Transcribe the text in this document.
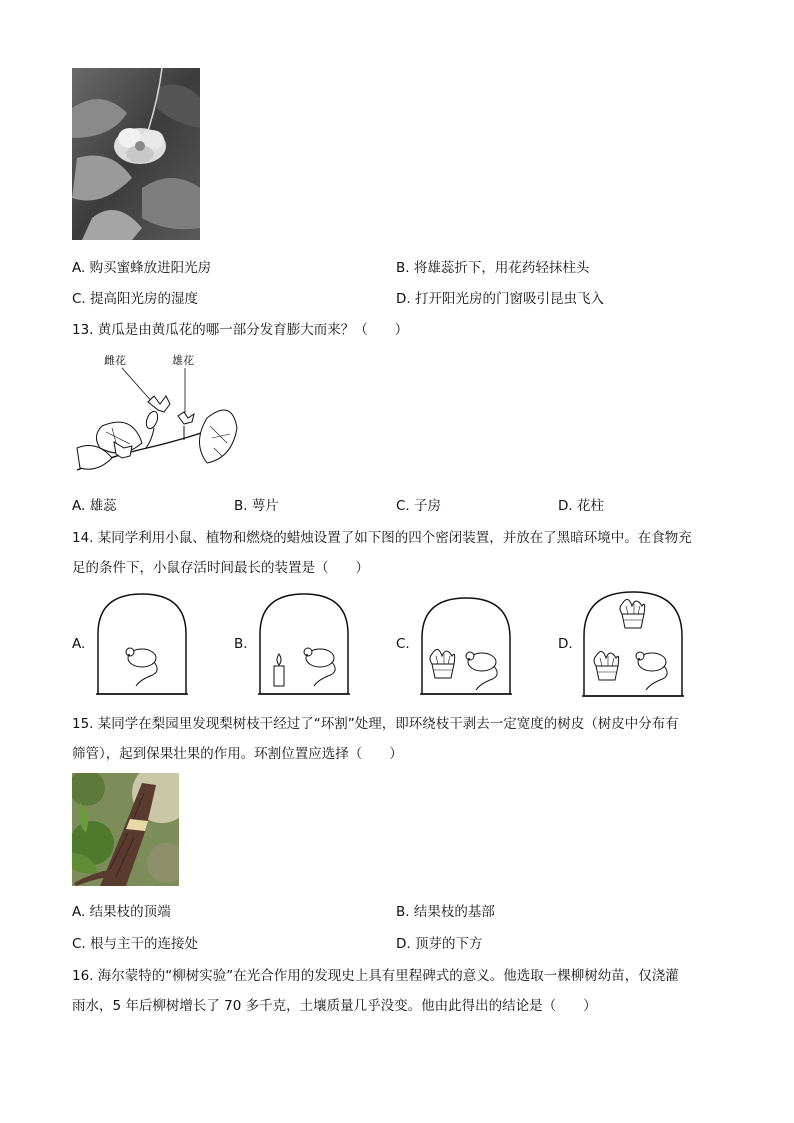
A. 购买蜜蜂放进阳光房	B. 将雄蕊折下，用花药轻抹柱头
C. 提高阳光房的湿度	D. 打开阳光房的门窗吸引昆虫飞入
13. 黄瓜是由黄瓜花的哪一部分发育膨大而来？（　　）
雌花	雄花
A. 雄蕊	B. 萼片	C. 子房	D. 花柱
14. 某同学利用小鼠、植物和燃烧的蜡烛设置了如下图的四个密闭装置，并放在了黑暗环境中。在食物充
足的条件下，小鼠存活时间最长的装置是（　　）
A.	B.	C.	D.
15. 某同学在梨园里发现梨树枝干经过了“环割”处理，即环绕枝干剥去一定宽度的树皮（树皮中分布有
筛管），起到保果壮果的作用。环割位置应选择（　　）
A. 结果枝的顶端	B. 结果枝的基部
C. 根与主干的连接处	D. 顶芽的下方
16. 海尔蒙特的“柳树实验”在光合作用的发现史上具有里程碑式的意义。他选取一棵柳树幼苗，仅浇灌
雨水，5 年后柳树增长了 70 多千克，土壤质量几乎没变。他由此得出的结论是（　　）
